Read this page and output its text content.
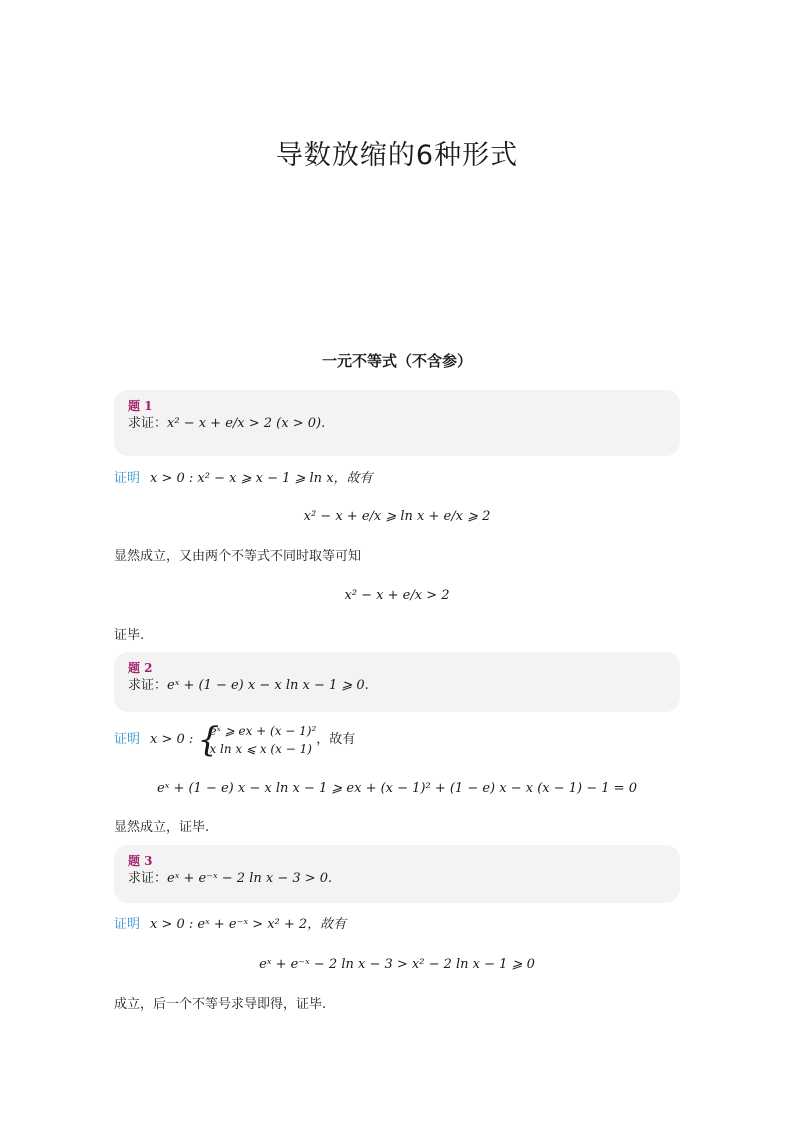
导数放缩的6种形式
一元不等式（不含参）
题 1
求证：x² − x + e/x > 2 (x > 0).
证明 x > 0 : x² − x ⩾ x − 1 ⩾ ln x，故有
x² − x + e/x ⩾ ln x + e/x ⩾ 2
显然成立，又由两个不等式不同时取等可知
x² − x + e/x > 2
证毕.
题 2
求证：eˣ + (1 − e) x − x ln x − 1 ⩾ 0.
证明 x > 0 : {
eˣ ⩾ ex + (x − 1)²
x ln x ⩽ x (x − 1)
，故有
eˣ + (1 − e) x − x ln x − 1 ⩾ ex + (x − 1)² + (1 − e) x − x (x − 1) − 1 = 0
显然成立，证毕.
题 3
求证：eˣ + e⁻ˣ − 2 ln x − 3 > 0.
证明 x > 0 : eˣ + e⁻ˣ > x² + 2，故有
eˣ + e⁻ˣ − 2 ln x − 3 > x² − 2 ln x − 1 ⩾ 0
成立，后一个不等号求导即得，证毕.
